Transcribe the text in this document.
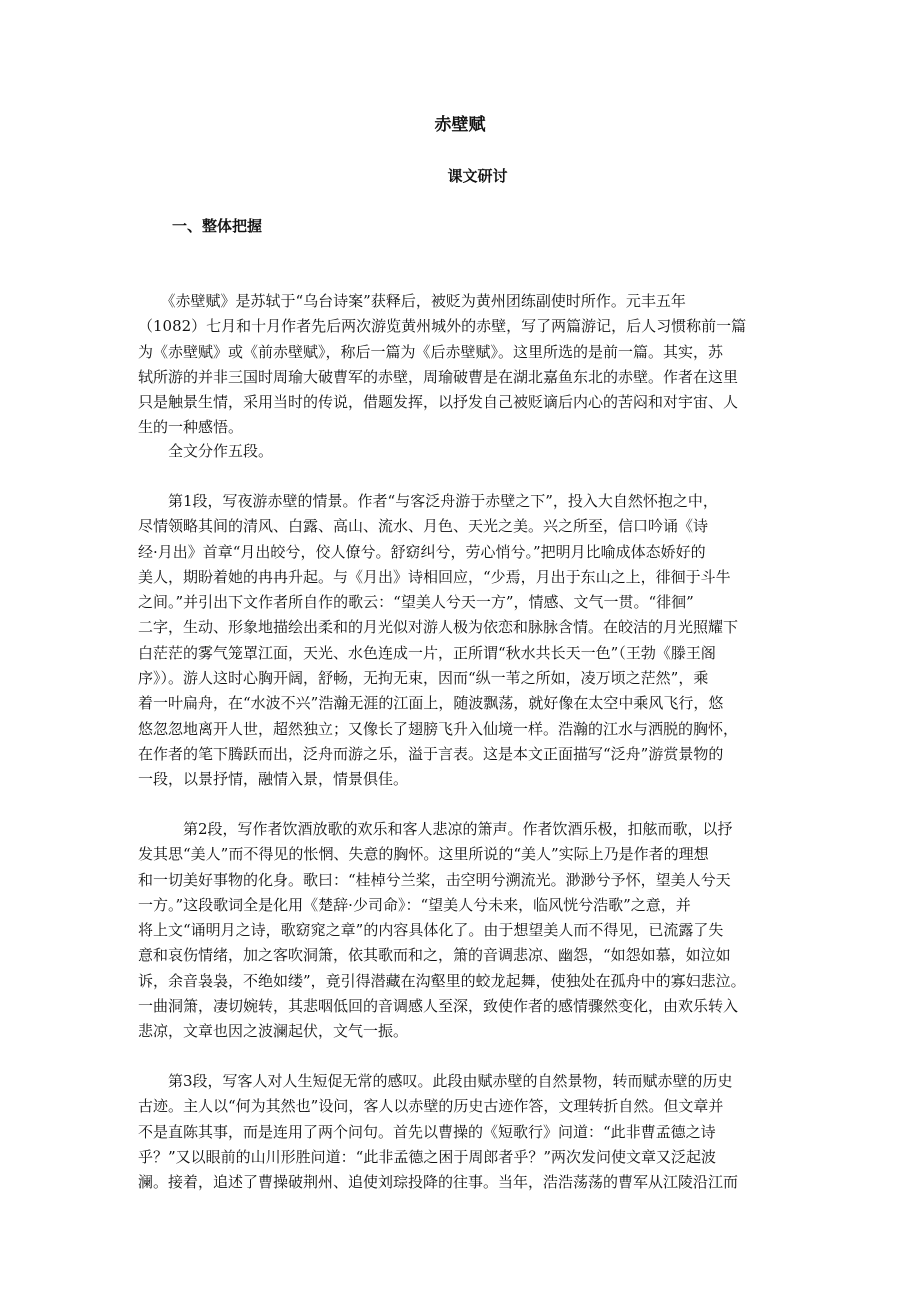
赤壁赋
课文研讨
一、整体把握
　　《赤壁赋》是苏轼于“乌台诗案”获释后，被贬为黄州团练副使时所作。元丰五年
（1082）七月和十月作者先后两次游览黄州城外的赤壁，写了两篇游记，后人习惯称前一篇
为《赤壁赋》或《前赤壁赋》，称后一篇为《后赤壁赋》。这里所选的是前一篇。其实，苏
轼所游的并非三国时周瑜大破曹军的赤壁，周瑜破曹是在湖北嘉鱼东北的赤壁。作者在这里
只是触景生情，采用当时的传说，借题发挥，以抒发自己被贬谪后内心的苦闷和对宇宙、人
生的一种感悟。
　　全文分作五段。
　　第1段，写夜游赤壁的情景。作者“与客泛舟游于赤壁之下”，投入大自然怀抱之中，
尽情领略其间的清风、白露、高山、流水、月色、天光之美。兴之所至，信口吟诵《诗
经·月出》首章“月出皎兮，佼人僚兮。舒窈纠兮，劳心悄兮。”把明月比喻成体态娇好的
美人，期盼着她的冉冉升起。与《月出》诗相回应，“少焉，月出于东山之上，徘徊于斗牛
之间。”并引出下文作者所自作的歌云：“望美人兮天一方”，情感、文气一贯。“徘徊”
二字，生动、形象地描绘出柔和的月光似对游人极为依恋和脉脉含情。在皎洁的月光照耀下
白茫茫的雾气笼罩江面，天光、水色连成一片，正所谓“秋水共长天一色”（王勃《滕王阁
序》）。游人这时心胸开阔，舒畅，无拘无束，因而“纵一苇之所如，凌万顷之茫然”，乘
着一叶扁舟，在“水波不兴”浩瀚无涯的江面上，随波飘荡，就好像在太空中乘风飞行，悠
悠忽忽地离开人世，超然独立；又像长了翅膀飞升入仙境一样。浩瀚的江水与洒脱的胸怀，
在作者的笔下腾跃而出，泛舟而游之乐，溢于言表。这是本文正面描写“泛舟”游赏景物的
一段，以景抒情，融情入景，情景俱佳。
　　　第2段，写作者饮酒放歌的欢乐和客人悲凉的箫声。作者饮酒乐极，扣舷而歌，以抒
发其思“美人”而不得见的怅惘、失意的胸怀。这里所说的“美人”实际上乃是作者的理想
和一切美好事物的化身。歌曰：“桂棹兮兰桨，击空明兮溯流光。渺渺兮予怀，望美人兮天
一方。”这段歌词全是化用《楚辞·少司命》：“望美人兮未来，临风恍兮浩歌”之意，并
将上文“诵明月之诗，歌窈窕之章”的内容具体化了。由于想望美人而不得见，已流露了失
意和哀伤情绪，加之客吹洞箫，依其歌而和之，箫的音调悲凉、幽怨，“如怨如慕，如泣如
诉，余音袅袅，不绝如缕”，竟引得潜藏在沟壑里的蛟龙起舞，使独处在孤舟中的寡妇悲泣。
一曲洞箫，凄切婉转，其悲咽低回的音调感人至深，致使作者的感情骤然变化，由欢乐转入
悲凉，文章也因之波澜起伏，文气一振。
　　第3段，写客人对人生短促无常的感叹。此段由赋赤壁的自然景物，转而赋赤壁的历史
古迹。主人以“何为其然也”设问，客人以赤壁的历史古迹作答，文理转折自然。但文章并
不是直陈其事，而是连用了两个问句。首先以曹操的《短歌行》问道：“此非曹孟德之诗
乎？”又以眼前的山川形胜问道：“此非孟德之困于周郎者乎？”两次发问使文章又泛起波
澜。接着，追述了曹操破荆州、追使刘琮投降的往事。当年，浩浩荡荡的曹军从江陵沿江而
